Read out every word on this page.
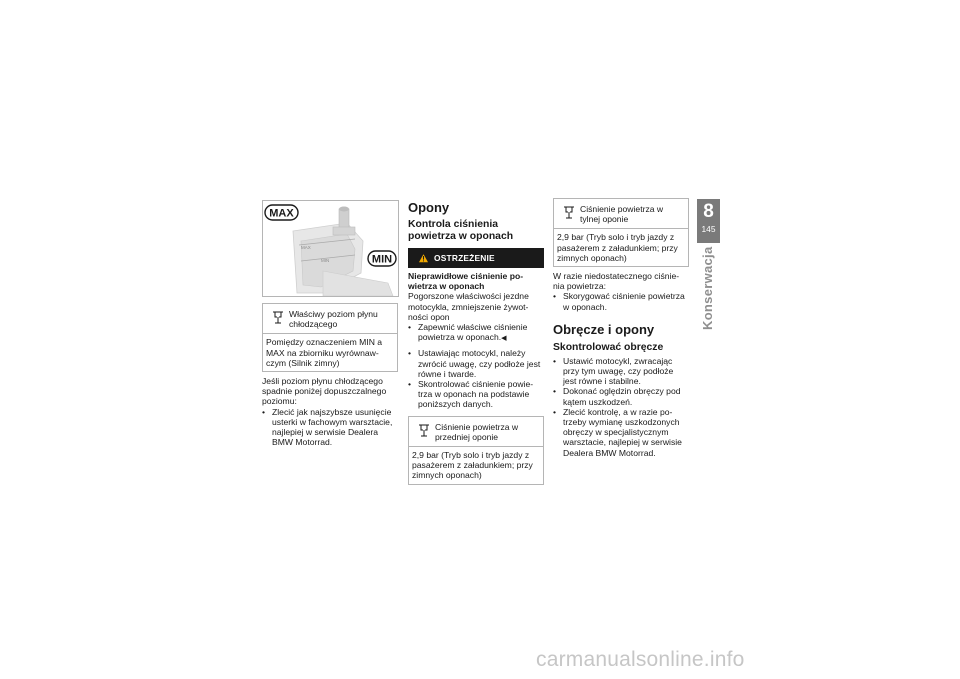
MAX
MIN
MAX
MIN
Właściwy poziom płynu chłodzącego
Pomiędzy oznaczeniem MIN a MAX na zbiorniku wyrównaw-czym (Silnik zimny)

Jeśli poziom płynu chłodzącego spadnie poniżej dopuszczalnego poziomu:

• Zlecić jak najszybsze usunięcie usterki w fachowym warsztacie, najlepiej w serwisie Dealera BMW Motorrad.
Opony
Kontrola ciśnienia powietrza w oponach
OSTRZEŻENIE

Nieprawidłowe ciśnienie po-wietrza w oponach

Pogorszone właściwości jezdne motocykla, zmniejszenie żywot-ności opon

• Zapewnić właściwe ciśnienie powietrza w oponach.◀
• Ustawiając motocykl, należy zwrócić uwagę, czy podłoże jest równe i twarde.
• Skontrolować ciśnienie powie-trza w oponach na podstawie poniższych danych.
Ciśnienie powietrza w przedniej oponie
2,9 bar (Tryb solo i tryb jazdy z pasażerem z załadunkiem; przy zimnych oponach)
Ciśnienie powietrza w tylnej oponie
2,9 bar (Tryb solo i tryb jazdy z pasażerem z załadunkiem; przy zimnych oponach)

W razie niedostatecznego ciśnie-nia powietrza:

• Skorygować ciśnienie powietrza w oponach.
Obręcze i opony
Skontrolować obręcze
• Ustawić motocykl, zwracając przy tym uwagę, czy podłoże jest równe i stabilne.
• Dokonać oględzin obręczy pod kątem uszkodzeń.
• Zlecić kontrolę, a w razie po-trzeby wymianę uszkodzonych obręczy w specjalistycznym warsztacie, najlepiej w serwisie Dealera BMW Motorrad.
8
145
Konserwacja
carmanualsonline.info
